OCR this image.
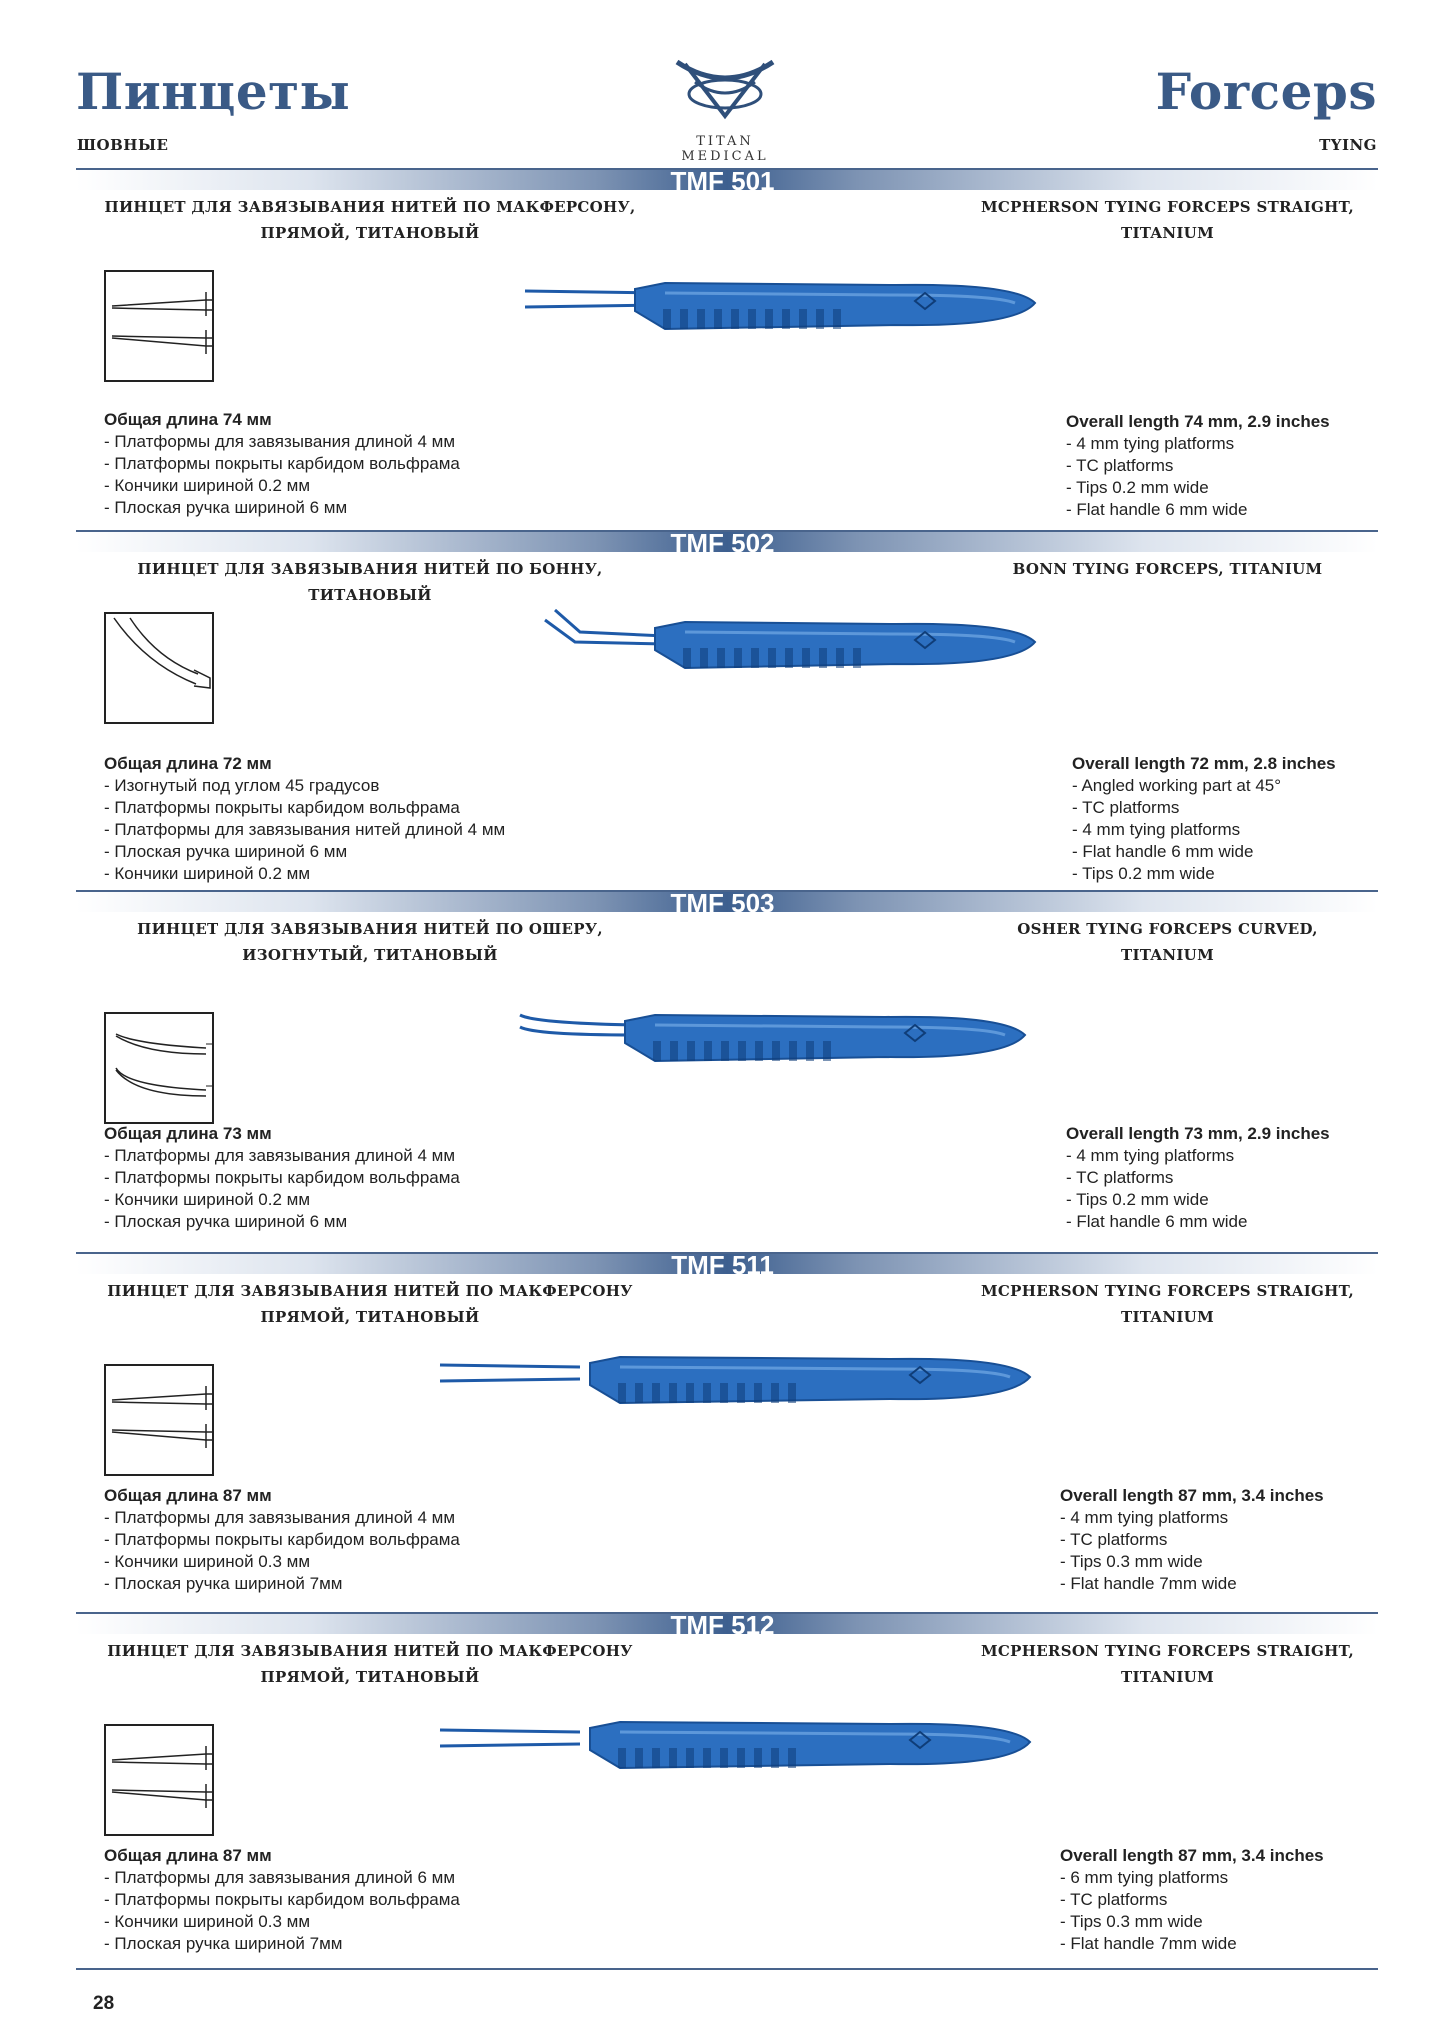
Пинцеты
ШОВНЫЕ
Forceps
TYING
TITAN
MEDICAL
TMF 501
ПИНЦЕТ ДЛЯ ЗАВЯЗЫВАНИЯ НИТЕЙ ПО МАКФЕРСОНУ,
ПРЯМОЙ, ТИТАНОВЫЙ
MCPHERSON TYING FORCEPS STRAIGHT,
TITANIUM
Общая длина 74 мм
- Платформы для завязывания длиной 4 мм
- Платформы покрыты карбидом вольфрама
- Кончики шириной 0.2 мм
- Плоская ручка шириной 6 мм
Overall length 74 mm, 2.9 inches
- 4 mm tying platforms
- TC platforms
- Tips 0.2 mm wide
- Flat handle 6 mm wide
TMF 502
ПИНЦЕТ ДЛЯ ЗАВЯЗЫВАНИЯ НИТЕЙ ПО БОННУ,
ТИТАНОВЫЙ
BONN TYING FORCEPS, TITANIUM
Общая длина 72 мм
- Изогнутый под углом 45 градусов
- Платформы покрыты карбидом вольфрама
- Платформы для завязывания нитей длиной 4 мм
- Плоская ручка шириной 6 мм
- Кончики шириной 0.2 мм
Overall length 72 mm, 2.8 inches
- Angled working part at 45°
- TC platforms
- 4 mm tying platforms
- Flat handle 6 mm wide
- Tips 0.2 mm wide
TMF 503
ПИНЦЕТ ДЛЯ ЗАВЯЗЫВАНИЯ НИТЕЙ ПО ОШЕРУ,
ИЗОГНУТЫЙ, ТИТАНОВЫЙ
OSHER TYING FORCEPS CURVED,
TITANIUM
Общая длина 73 мм
- Платформы для завязывания длиной 4 мм
- Платформы покрыты карбидом вольфрама
- Кончики шириной 0.2 мм
- Плоская ручка шириной 6 мм
Overall length 73 mm, 2.9 inches
- 4 mm tying platforms
- TC platforms
- Tips 0.2 mm wide
- Flat handle 6 mm wide
TMF 511
ПИНЦЕТ ДЛЯ ЗАВЯЗЫВАНИЯ НИТЕЙ ПО МАКФЕРСОНУ
ПРЯМОЙ, ТИТАНОВЫЙ
MCPHERSON TYING FORCEPS STRAIGHT,
TITANIUM
Общая длина 87 мм
- Платформы для завязывания длиной 4 мм
- Платформы покрыты карбидом вольфрама
- Кончики шириной 0.3 мм
- Плоская ручка шириной 7мм
Overall length 87 mm, 3.4 inches
- 4 mm tying platforms
- TC platforms
- Tips 0.3 mm wide
- Flat handle 7mm wide
TMF 512
ПИНЦЕТ ДЛЯ ЗАВЯЗЫВАНИЯ НИТЕЙ ПО МАКФЕРСОНУ
ПРЯМОЙ, ТИТАНОВЫЙ
MCPHERSON TYING FORCEPS STRAIGHT,
TITANIUM
Общая длина 87 мм
- Платформы для завязывания длиной 6 мм
- Платформы покрыты карбидом вольфрама
- Кончики шириной 0.3 мм
- Плоская ручка шириной 7мм
Overall length 87 mm, 3.4 inches
- 6 mm tying platforms
- TC platforms
- Tips 0.3 mm wide
- Flat handle 7mm wide
28
